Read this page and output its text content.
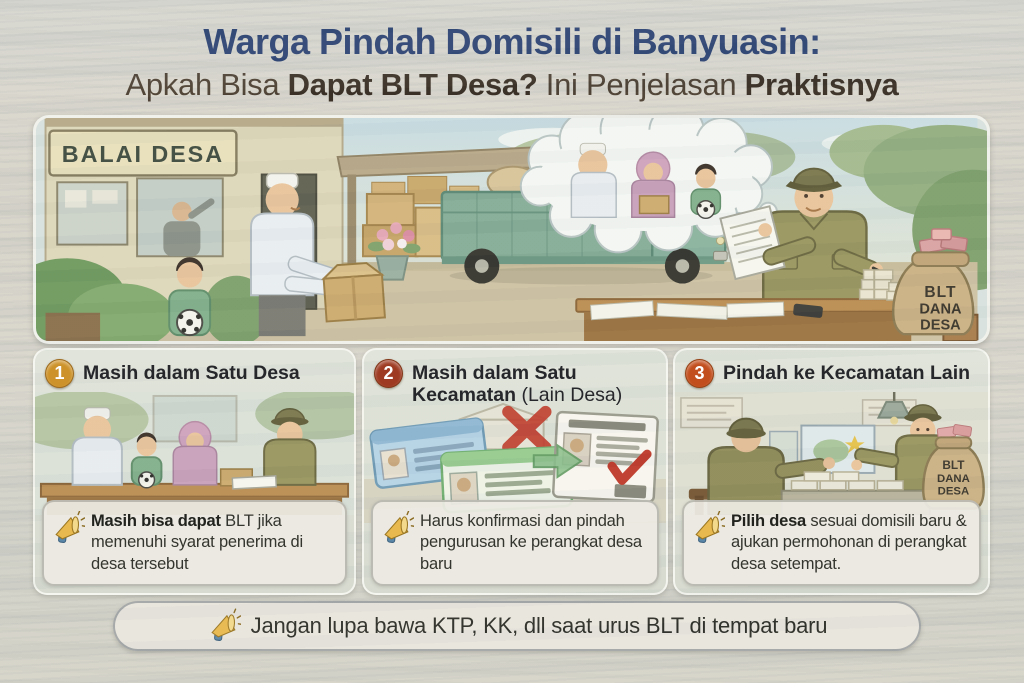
Warga Pindah Domisili di Banyuasin:
Apkah Bisa Dapat BLT Desa? Ini Penjelasan Praktisnya
BALAI DESA
BLT
DANA
DESA
1 Masih dalam Satu Desa
Masih bisa dapat BLT jika memenuhi syarat penerima di desa tersebut
2 Masih dalam Satu
Kecamatan (Lain Desa)
Harus konfirmasi dan pindah pengurusan ke perangkat desa baru
3 Pindah ke Kecamatan Lain
BLT
DANA
DESA
Pilih desa sesuai domisili baru & ajukan permohonan di perangkat desa setempat.
Jangan lupa bawa KTP, KK, dll saat urus BLT di tempat baru
